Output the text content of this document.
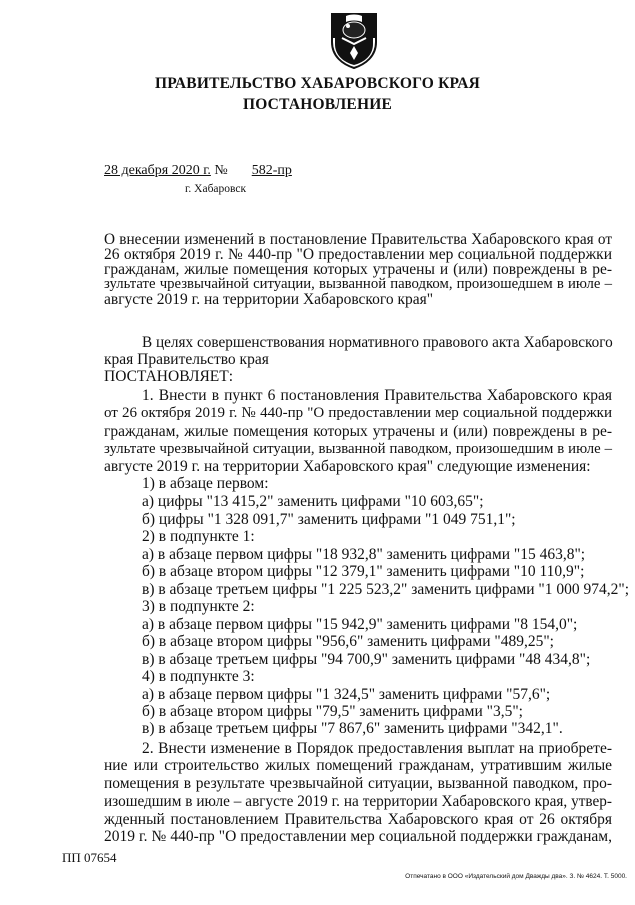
ПРАВИТЕЛЬСТВО ХАБАРОВСКОГО КРАЯ
ПОСТАНОВЛЕНИЕ
28 декабря 2020 г. № 582-пр
г. Хабаровск
О внесении изменений в постановление Правительства Хабаровского края от
26 октября 2019 г. № 440-пр "О предоставлении мер социальной поддержки
гражданам, жилые помещения которых утрачены и (или) повреждены в ре-
зультате чрезвычайной ситуации, вызванной паводком, произошедшем в июле –
августе 2019 г. на территории Хабаровского края"
В целях совершенствования нормативного правового акта Хабаровского
края Правительство края
ПОСТАНОВЛЯЕТ:
1. Внести в пункт 6 постановления Правительства Хабаровского края
от 26 октября 2019 г. № 440-пр "О предоставлении мер социальной поддержки
гражданам, жилые помещения которых утрачены и (или) повреждены в ре-
зультате чрезвычайной ситуации, вызванной паводком, произошедшим в июле –
августе 2019 г. на территории Хабаровского края" следующие изменения:
1) в абзаце первом:
а) цифры "13 415,2" заменить цифрами "10 603,65";
б) цифры "1 328 091,7" заменить цифрами "1 049 751,1";
2) в подпункте 1:
а) в абзаце первом цифры "18 932,8" заменить цифрами "15 463,8";
б) в абзаце втором цифры "12 379,1" заменить цифрами "10 110,9";
в) в абзаце третьем цифры "1 225 523,2" заменить цифрами "1 000 974,2";
3) в подпункте 2:
а) в абзаце первом цифры "15 942,9" заменить цифрами "8 154,0";
б) в абзаце втором цифры "956,6" заменить цифрами "489,25";
в) в абзаце третьем цифры "94 700,9" заменить цифрами "48 434,8";
4) в подпункте 3:
а) в абзаце первом цифры "1 324,5" заменить цифрами "57,6";
б) в абзаце втором цифры "79,5" заменить цифрами "3,5";
в) в абзаце третьем цифры "7 867,6" заменить цифрами "342,1".
2. Внести изменение в Порядок предоставления выплат на приобрете-
ние или строительство жилых помещений гражданам, утратившим жилые
помещения в результате чрезвычайной ситуации, вызванной паводком, про-
изошедшим в июле – августе 2019 г. на территории Хабаровского края, утвер-
жденный постановлением Правительства Хабаровского края от 26 октября
2019 г. № 440-пр "О предоставлении мер социальной поддержки гражданам,
ПП 07654
Отпечатано в ООО «Издательский дом Дважды два». З. № 4624. Т. 5000.
